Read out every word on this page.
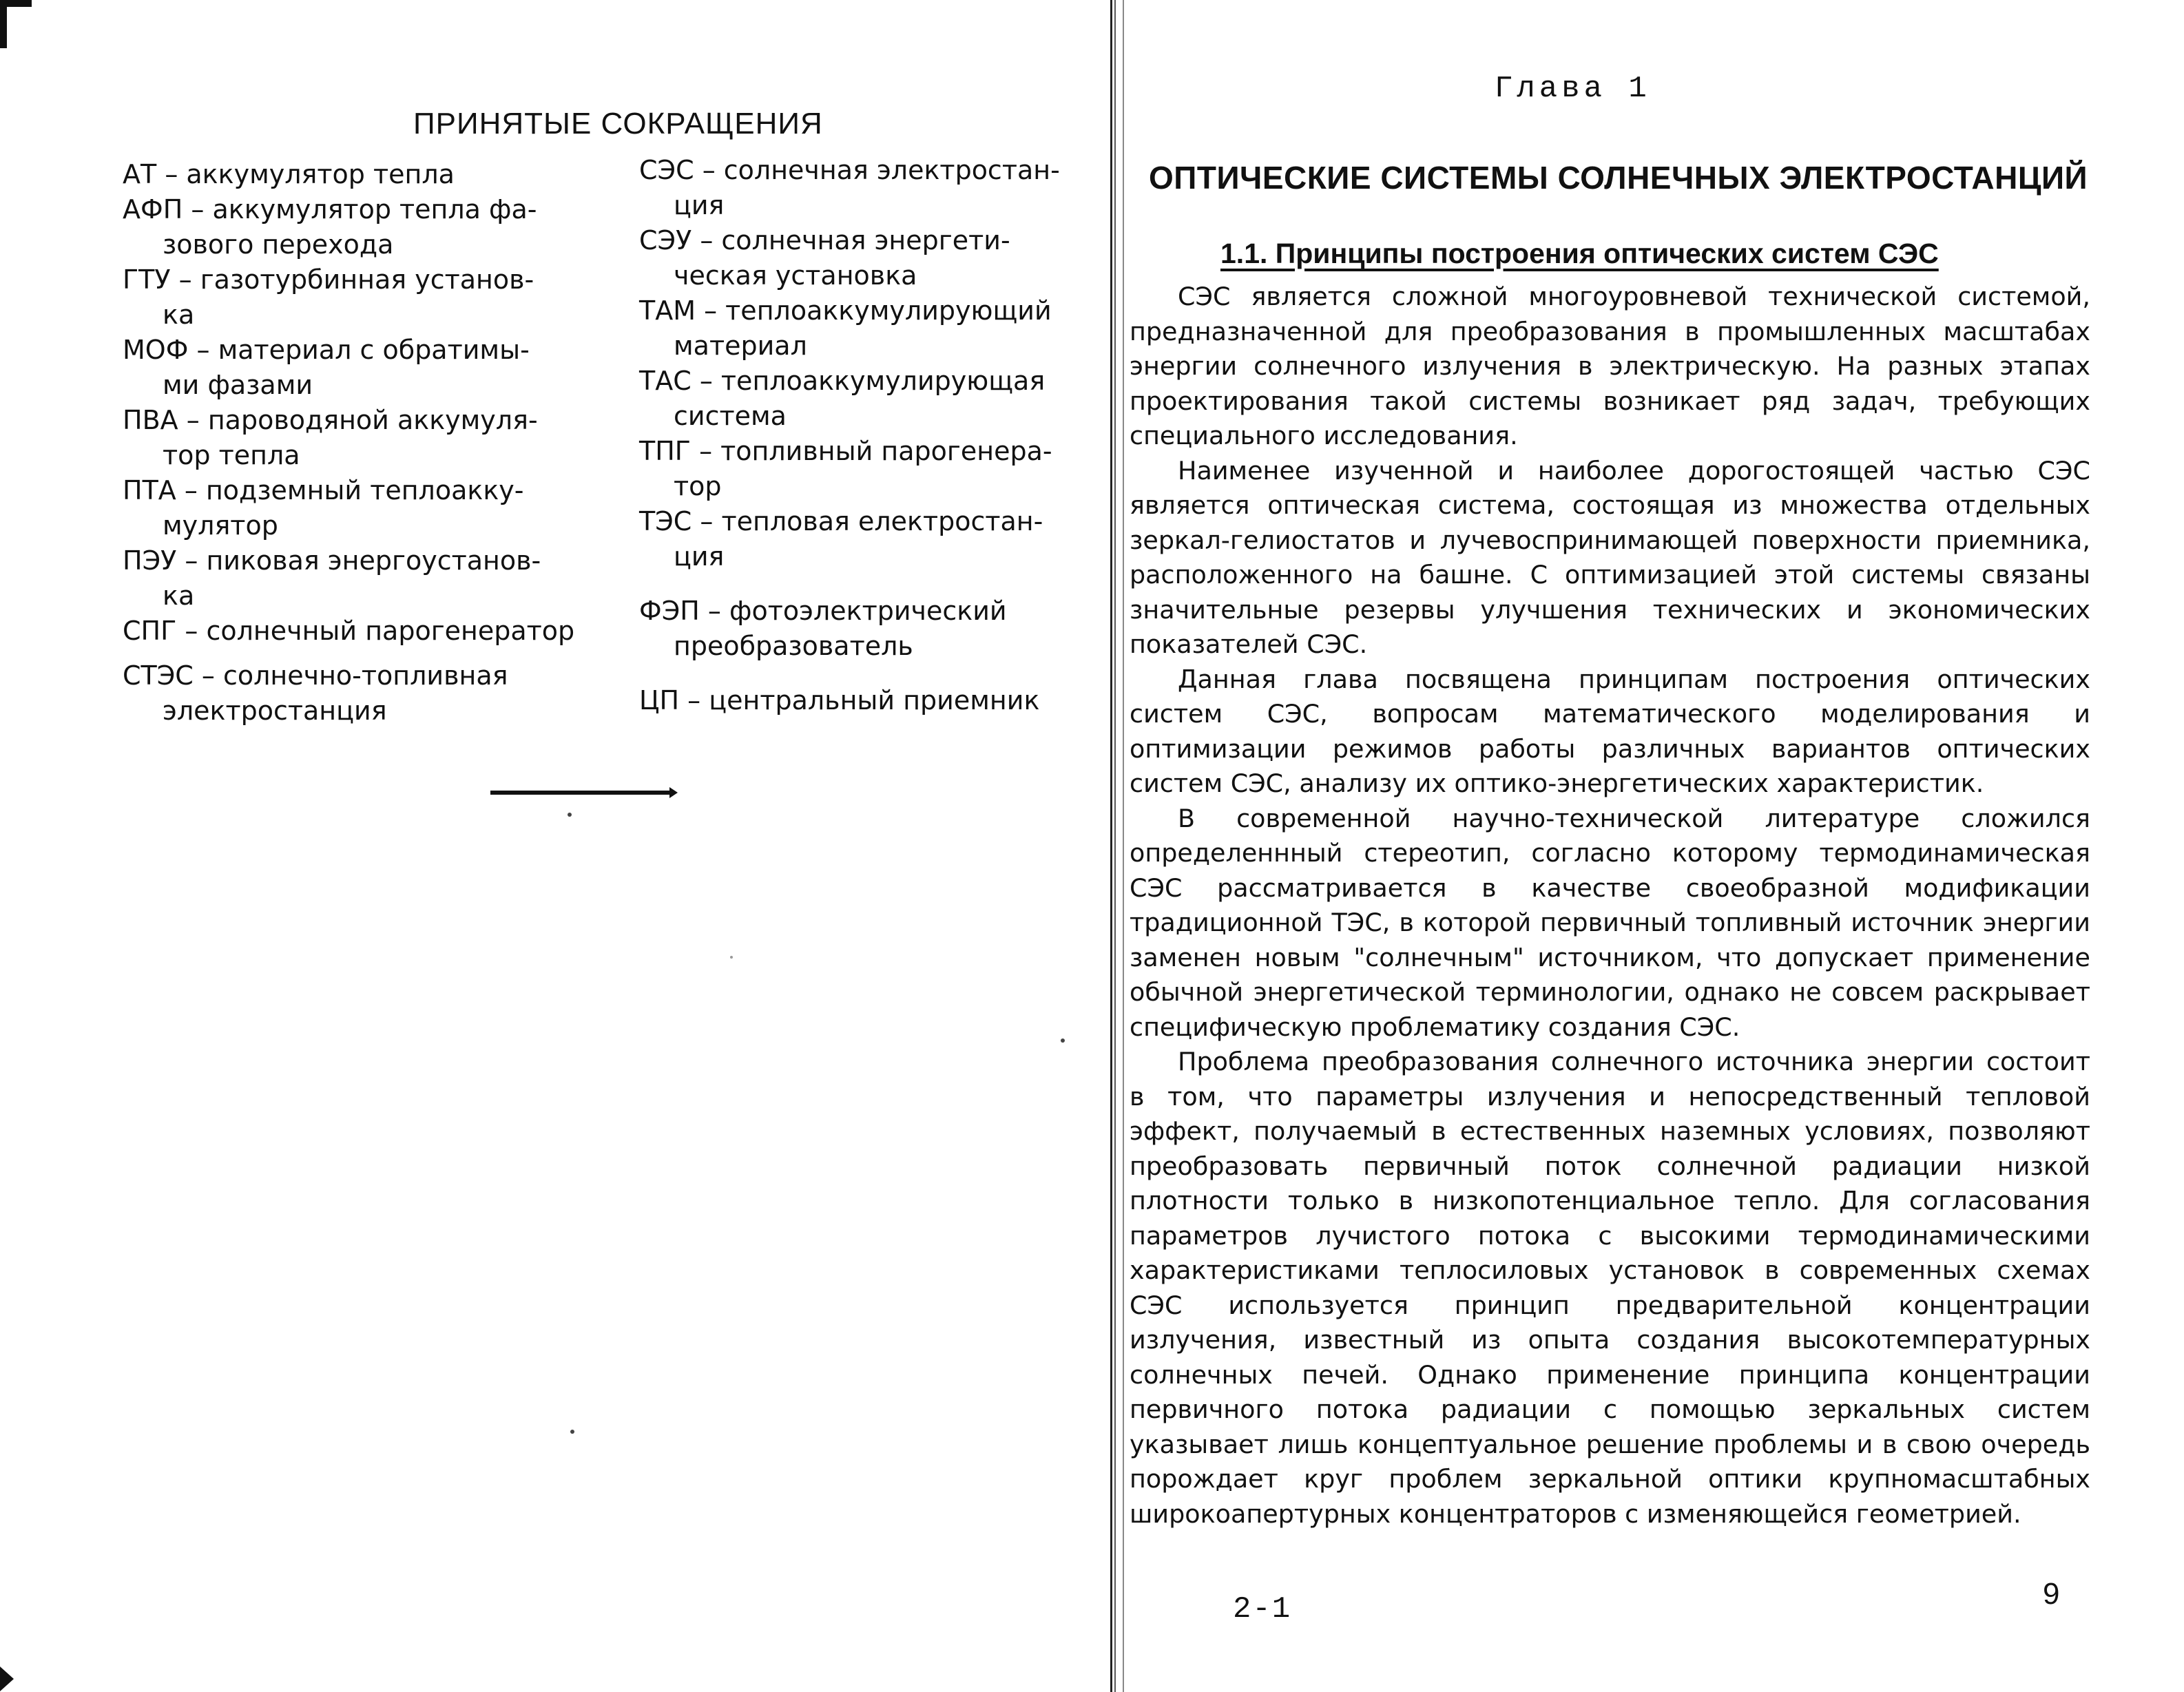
ПРИНЯТЫЕ СОКРАЩЕНИЯ
АТ – аккумулятор тепла
АФП – аккумулятор тепла фа-
зового перехода
ГТУ – газотурбинная установ-
ка
МОФ – материал с обратимы-
ми фазами
ПВА – пароводяной аккумуля-
тор тепла
ПТА – подземный теплоакку-
мулятор
ПЭУ – пиковая энергоустанов-
ка
СПГ – солнечный парогенератор
СТЭС – солнечно-топливная
электростанция
СЭС – солнечная электростан-
ция
СЭУ – солнечная энергети-
ческая установка
ТАМ – теплоаккумулирующий
материал
ТАС – теплоаккумулирующая
система
ТПГ – топливный парогенера-
тор
ТЭС – тепловая електростан-
ция
ФЭП – фотоэлектрический
преобразователь
ЦП – центральный приемник
Глава 1
ОПТИЧЕСКИЕ СИСТЕМЫ СОЛНЕЧНЫХ ЭЛЕКТРОСТАНЦИЙ
1.1. Принципы построения оптических систем СЭС

СЭС является сложной многоуровневой технической системой, предназначенной для преобразования в промышленных масштабах энергии солнечного излучения в электрическую. На разных этапах проектирования такой системы возникает ряд задач, требующих специального исследования.

Наименее изученной и наиболее дорогостоящей частью СЭС является оптическая система, состоящая из множества отдельных зеркал-гелиостатов и лучевоспринимающей поверхности приемника, расположенного на башне. С оптимизацией этой системы связаны значительные резервы улучшения технических и экономических показателей СЭС.

Данная глава посвящена принципам построения оптических систем СЭС, вопросам математического моделирования и оптимизации режимов работы различных вариантов оптических систем СЭС, анализу их оптико-энергетических характеристик.

В современной научно-технической литературе сложился определеннный стереотип, согласно которому термодинамическая СЭС рассматривается в качестве своеобразной модификации традиционной ТЭС, в которой первичный топливный источник энергии заменен новым "солнечным" источником, что допускает применение обычной энергетической терминологии, однако не совсем раскрывает специфическую проблематику создания СЭС.

Проблема преобразования солнечного источника энергии состоит в том, что параметры излучения и непосредственный тепловой эффект, получаемый в естественных наземных условиях, позволяют преобразовать первичный поток солнечной радиации низкой плотности только в низкопотенциальное тепло. Для согласования параметров лучистого потока с высокими термодинамическими характеристиками теплосиловых установок в современных схемах СЭС используется принцип предварительной концентрации излучения, известный из опыта создания высокотемпературных солнечных печей. Однако применение принципа концентрации первичного потока радиации с помощью зеркальных систем указывает лишь концептуальное решение проблемы и в свою очередь порождает круг проблем зеркальной оптики крупномасштабных широкоапертурных концентраторов с изменяющейся геометрией.

2-1	9
